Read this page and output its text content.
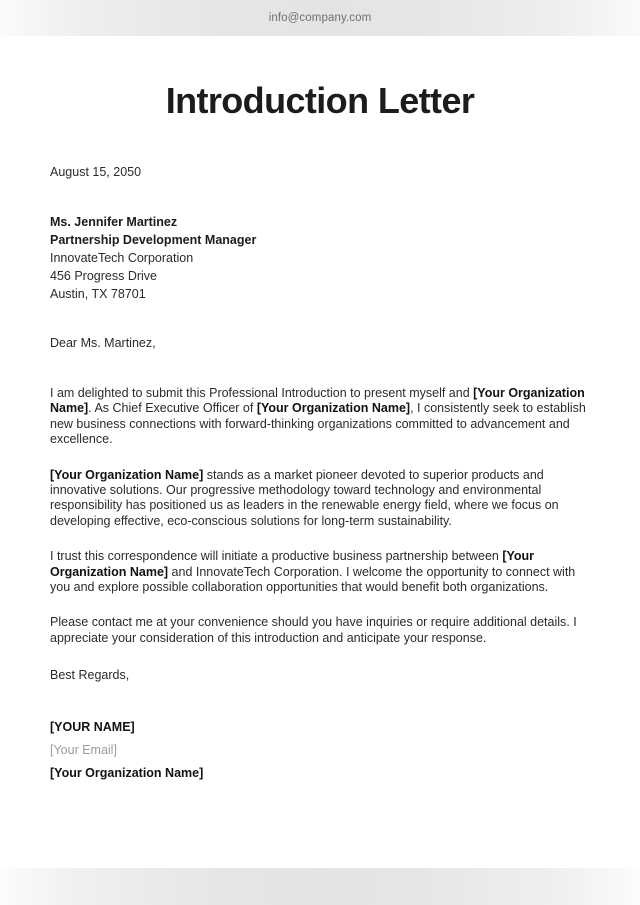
info@company.com
Introduction Letter
August 15, 2050
Ms. Jennifer Martinez
Partnership Development Manager
InnovateTech Corporation
456 Progress Drive
Austin, TX 78701
Dear Ms. Martinez,

I am delighted to submit this Professional Introduction to present myself and [Your Organization Name]. As Chief Executive Officer of [Your Organization Name], I consistently seek to establish new business connections with forward-thinking organizations committed to advancement and excellence.

[Your Organization Name] stands as a market pioneer devoted to superior products and innovative solutions. Our progressive methodology toward technology and environmental responsibility has positioned us as leaders in the renewable energy field, where we focus on developing effective, eco-conscious solutions for long-term sustainability.

I trust this correspondence will initiate a productive business partnership between [Your Organization Name] and InnovateTech Corporation. I welcome the opportunity to connect with you and explore possible collaboration opportunities that would benefit both organizations.

Please contact me at your convenience should you have inquiries or require additional details. I appreciate your consideration of this introduction and anticipate your response.

Best Regards,
[YOUR NAME]
[Your Email]
[Your Organization Name]
